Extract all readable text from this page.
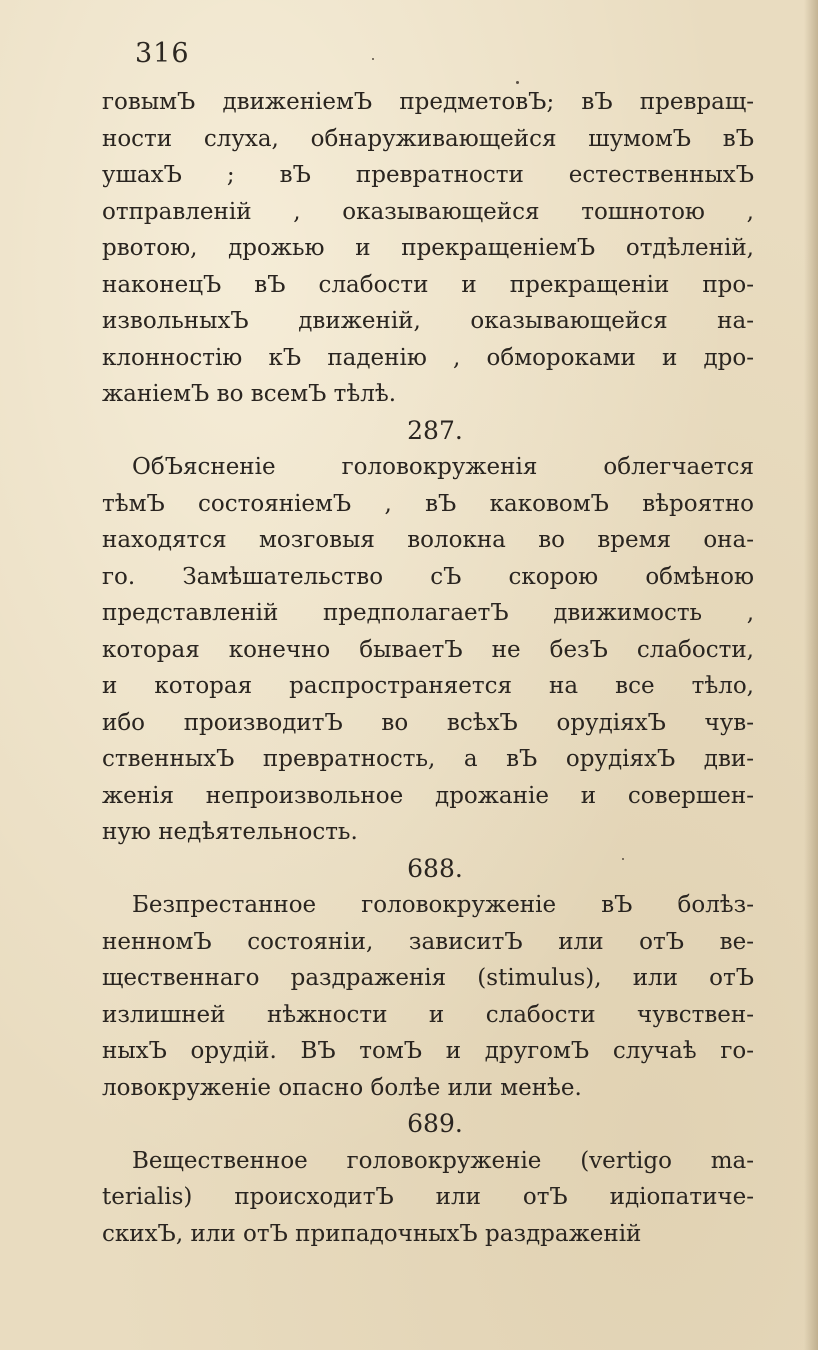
316
говымЪ движенiемЪ предметовЪ; вЪ превращ-
ности слуха, обнаруживающейся шумомЪ вЪ
ушахЪ ; вЪ превратности естественныхЪ
отправленiй , оказывающейся тошнотою ,
рвотою, дрожью и прекращенiемЪ отдѣленiй,
наконецЪ вЪ слабости и прекращенiи про-
извольныхЪ движенiй, оказывающейся на-
клонностiю кЪ паденiю , обмороками и дро-
жанiемЪ во всемЪ тѣлѣ.
287.
ОбЪясненiе головокруженiя облегчается
тѣмЪ состоянiемЪ , вЪ каковомЪ вѣроятно
находятся мозговыя волокна во время она-
го. Замѣшательство сЪ скорою обмѣною
представленiй предполагаетЪ движимость ,
которая конечно бываетЪ не безЪ слабости,
и которая распространяется на все тѣло,
ибо производитЪ во всѣхЪ орудiяхЪ чув-
ственныхЪ превратность, а вЪ орудiяхЪ дви-
женiя непроизвольное дрожанiе и совершен-
ную недѣятельность.
688.
Безпрестанное головокруженiе вЪ болѣз-
ненномЪ состоянiи, зависитЪ или отЪ ве-
щественнаго раздраженiя (stimulus), или отЪ
излишней нѣжности и слабости чувствен-
ныхЪ орудiй. ВЪ томЪ и другомЪ случаѣ го-
ловокруженiе опасно болѣе или менѣе.
689.
Вещественное головокруженiе (vertigo ma-
terialis) происходитЪ или отЪ идiопатиче-
скихЪ, или отЪ припадочныхЪ раздраженiй
